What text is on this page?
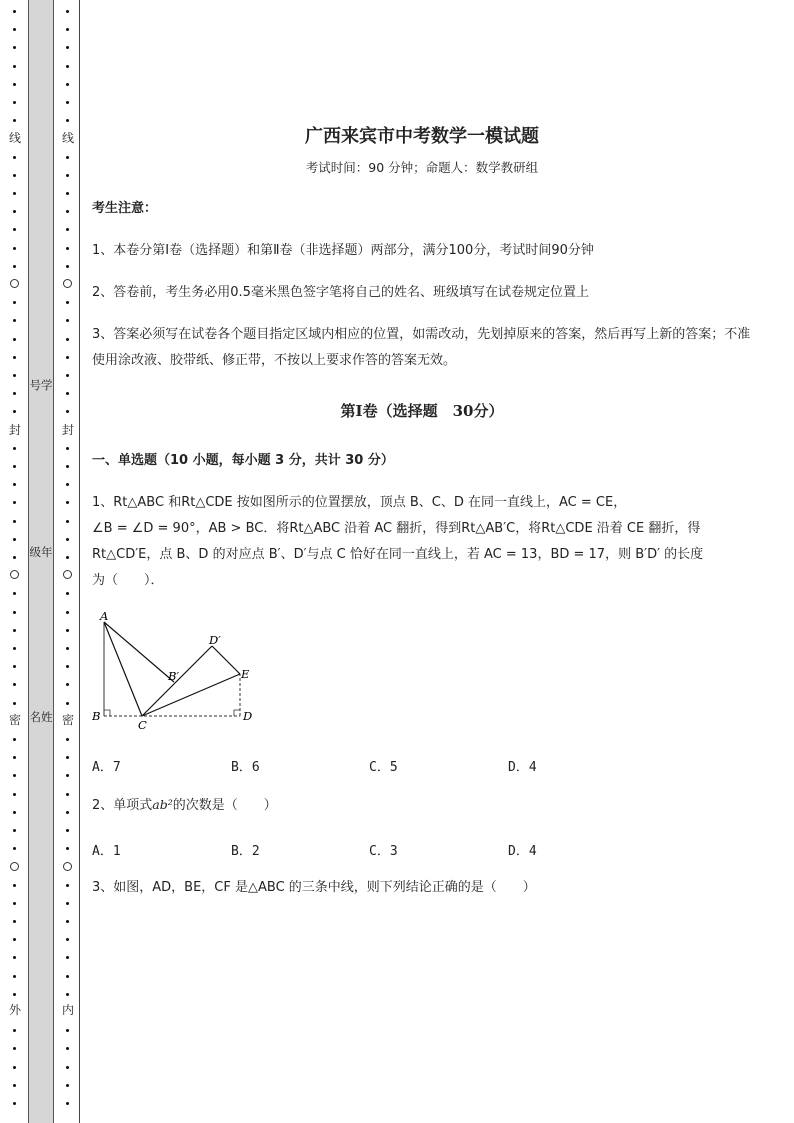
线
封
密
外
线
封
密
内
号学
级年
名姓
广西来宾市中考数学一模试题
考试时间：90 分钟；命题人：数学教研组
考生注意：
1、本卷分第Ⅰ卷（选择题）和第Ⅱ卷（非选择题）两部分，满分100分，考试时间90分钟
2、答卷前，考生务必用0.5毫米黑色签字笔将自己的姓名、班级填写在试卷规定位置上
3、答案必须写在试卷各个题目指定区域内相应的位置，如需改动，先划掉原来的答案，然后再写上新的答案；不准使用涂改液、胶带纸、修正带，不按以上要求作答的答案无效。
第Ⅰ卷（选择题　30分）
一、单选题（10 小题，每小题 3 分，共计 30 分）
1、Rt△ABC 和Rt△CDE 按如图所示的位置摆放，顶点 B、C、D 在同一直线上，AC = CE，
∠B = ∠D = 90°，AB > BC．将Rt△ABC 沿着 AC 翻折，得到Rt△AB′C，将Rt△CDE 沿着 CE 翻折，得
Rt△CD′E，点 B、D 的对应点 B′、D′与点 C 恰好在同一直线上，若 AC = 13，BD = 17，则 B′D′ 的长度
为（　　）．
A
B
C
D
E
B′
D′
A．7	B．6	C．5	D．4
2、单项式ab²的次数是（　　）
A．1	B．2	C．3	D．4
3、如图，AD，BE，CF 是△ABC 的三条中线，则下列结论正确的是（　　）
